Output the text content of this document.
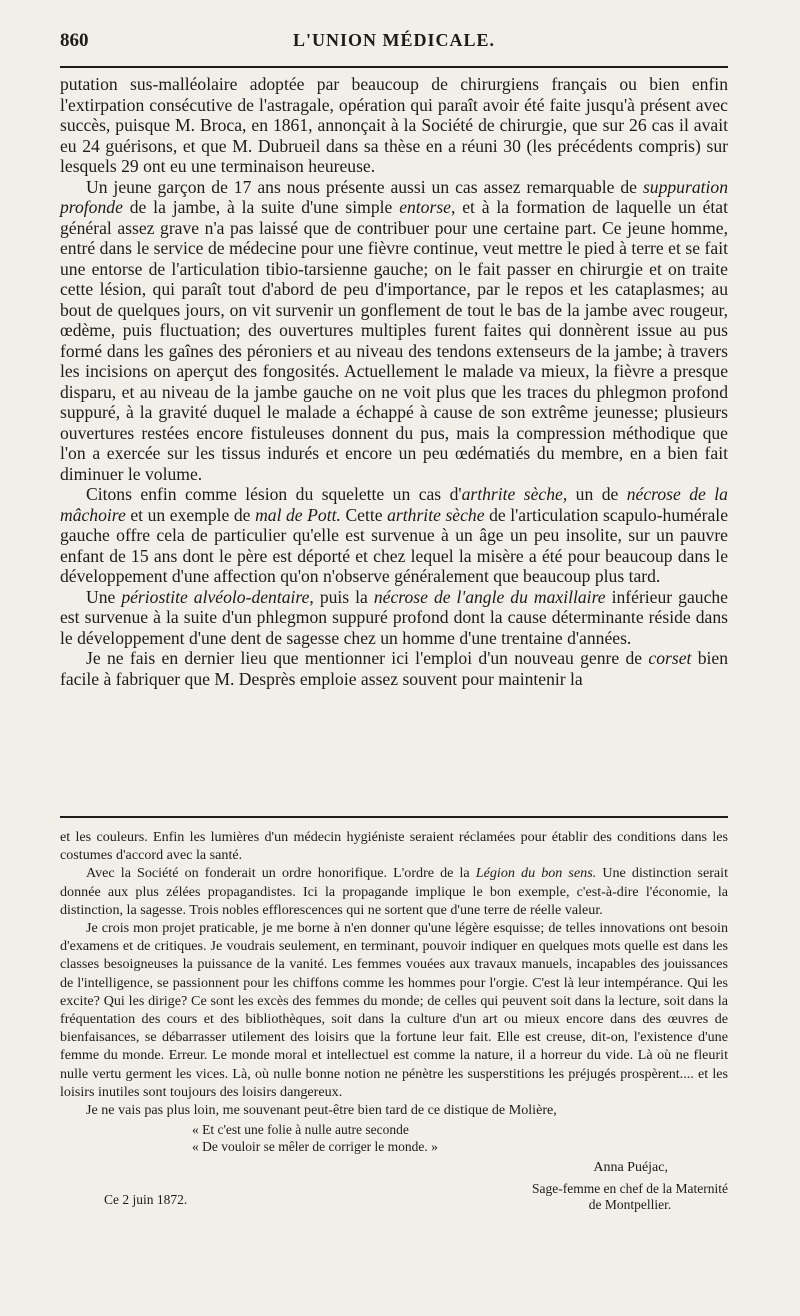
860	L'UNION MÉDICALE.

putation sus-malléolaire adoptée par beaucoup de chirurgiens français ou bien enfin l'extirpation consécutive de l'astragale, opération qui paraît avoir été faite jusqu'à présent avec succès, puisque M. Broca, en 1861, annonçait à la Société de chirurgie, que sur 26 cas il avait eu 24 guérisons, et que M. Dubrueil dans sa thèse en a réuni 30 (les précédents compris) sur lesquels 29 ont eu une terminaison heureuse.

Un jeune garçon de 17 ans nous présente aussi un cas assez remarquable de suppuration profonde de la jambe, à la suite d'une simple entorse, et à la formation de laquelle un état général assez grave n'a pas laissé que de contribuer pour une certaine part. Ce jeune homme, entré dans le service de médecine pour une fièvre continue, veut mettre le pied à terre et se fait une entorse de l'articulation tibio-tarsienne gauche; on le fait passer en chirurgie et on traite cette lésion, qui paraît tout d'abord de peu d'importance, par le repos et les cataplasmes; au bout de quelques jours, on vit survenir un gonflement de tout le bas de la jambe avec rougeur, œdème, puis fluctuation; des ouvertures multiples furent faites qui donnèrent issue au pus formé dans les gaînes des péroniers et au niveau des tendons extenseurs de la jambe; à travers les incisions on aperçut des fongosités. Actuellement le malade va mieux, la fièvre a presque disparu, et au niveau de la jambe gauche on ne voit plus que les traces du phlegmon profond suppuré, à la gravité duquel le malade a échappé à cause de son extrême jeunesse; plusieurs ouvertures restées encore fistuleuses donnent du pus, mais la compression méthodique que l'on a exercée sur les tissus indurés et encore un peu œdématiés du membre, en a bien fait diminuer le volume.

Citons enfin comme lésion du squelette un cas d'arthrite sèche, un de nécrose de la mâchoire et un exemple de mal de Pott. Cette arthrite sèche de l'articulation scapulo-humérale gauche offre cela de particulier qu'elle est survenue à un âge un peu insolite, sur un pauvre enfant de 15 ans dont le père est déporté et chez lequel la misère a été pour beaucoup dans le développement d'une affection qu'on n'observe généralement que beaucoup plus tard.

Une périostite alvéolo-dentaire, puis la nécrose de l'angle du maxillaire inférieur gauche est survenue à la suite d'un phlegmon suppuré profond dont la cause déterminante réside dans le développement d'une dent de sagesse chez un homme d'une trentaine d'années.

Je ne fais en dernier lieu que mentionner ici l'emploi d'un nouveau genre de corset bien facile à fabriquer que M. Desprès emploie assez souvent pour maintenir la

et les couleurs. Enfin les lumières d'un médecin hygiéniste seraient réclamées pour établir des conditions dans les costumes d'accord avec la santé.

Avec la Société on fonderait un ordre honorifique. L'ordre de la Légion du bon sens. Une distinction serait donnée aux plus zélées propagandistes. Ici la propagande implique le bon exemple, c'est-à-dire l'économie, la distinction, la sagesse. Trois nobles efflorescences qui ne sortent que d'une terre de réelle valeur.

Je crois mon projet praticable, je me borne à n'en donner qu'une légère esquisse; de telles innovations ont besoin d'examens et de critiques. Je voudrais seulement, en terminant, pouvoir indiquer en quelques mots quelle est dans les classes besoigneuses la puissance de la vanité. Les femmes vouées aux travaux manuels, incapables des jouissances de l'intelligence, se passionnent pour les chiffons comme les hommes pour l'orgie. C'est là leur intempérance. Qui les excite? Qui les dirige? Ce sont les excès des femmes du monde; de celles qui peuvent soit dans la lecture, soit dans la fréquentation des cours et des bibliothèques, soit dans la culture d'un art ou mieux encore dans des œuvres de bienfaisances, se débarrasser utilement des loisirs que la fortune leur fait. Elle est creuse, dit-on, l'existence d'une femme du monde. Erreur. Le monde moral et intellectuel est comme la nature, il a horreur du vide. Là où ne fleurit nulle vertu germent les vices. Là, où nulle bonne notion ne pénètre les susperstitions les préjugés prospèrent.... et les loisirs inutiles sont toujours des loisirs dangereux.

Je ne vais pas plus loin, me souvenant peut-être bien tard de ce distique de Molière,

« Et c'est une folie à nulle autre seconde
« De vouloir se mêler de corriger le monde. »
Anna Puéjac,
Sage-femme en chef de la Maternité
de Montpellier.
Ce 2 juin 1872.
